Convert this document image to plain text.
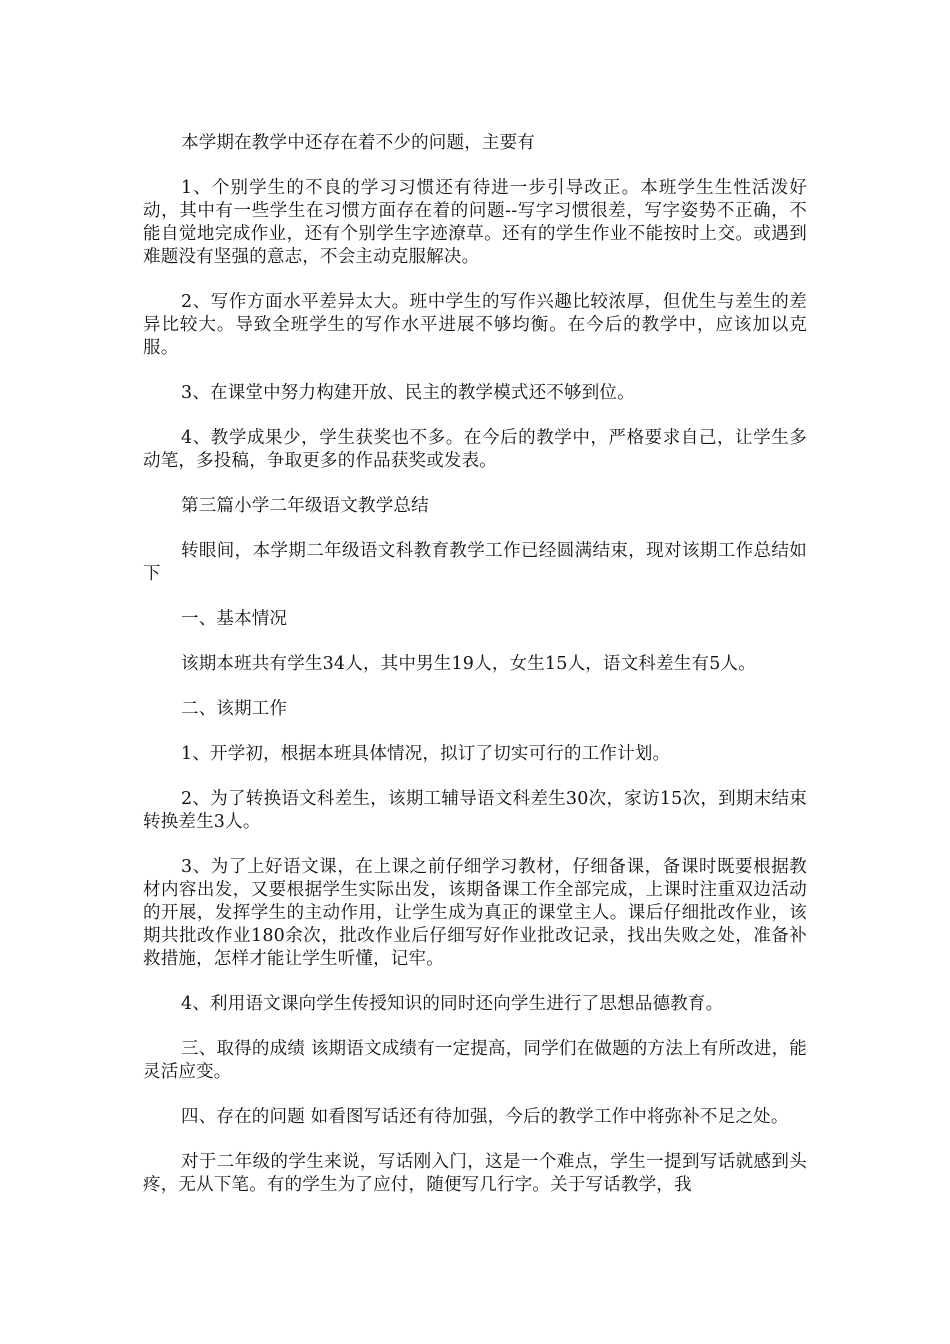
本学期在教学中还存在着不少的问题，主要有

1、个别学生的不良的学习习惯还有待进一步引导改正。本班学生生性活泼好动，其中有一些学生在习惯方面存在着的问题--写字习惯很差，写字姿势不正确，不能自觉地完成作业，还有个别学生字迹潦草。还有的学生作业不能按时上交。或遇到难题没有坚强的意志，不会主动克服解决。

2、写作方面水平差异太大。班中学生的写作兴趣比较浓厚，但优生与差生的差异比较大。导致全班学生的写作水平进展不够均衡。在今后的教学中，应该加以克服。

3、在课堂中努力构建开放、民主的教学模式还不够到位。

4、教学成果少，学生获奖也不多。在今后的教学中，严格要求自己，让学生多动笔，多投稿，争取更多的作品获奖或发表。

第三篇小学二年级语文教学总结

转眼间，本学期二年级语文科教育教学工作已经圆满结束，现对该期工作总结如下

一、基本情况

该期本班共有学生34人，其中男生19人，女生15人，语文科差生有5人。

二、该期工作

1、开学初，根据本班具体情况，拟订了切实可行的工作计划。

2、为了转换语文科差生，该期工辅导语文科差生30次，家访15次，到期末结束转换差生3人。

3、为了上好语文课，在上课之前仔细学习教材，仔细备课，备课时既要根据教材内容出发，又要根据学生实际出发，该期备课工作全部完成，上课时注重双边活动的开展，发挥学生的主动作用，让学生成为真正的课堂主人。课后仔细批改作业，该期共批改作业180余次，批改作业后仔细写好作业批改记录，找出失败之处，准备补救措施，怎样才能让学生听懂，记牢。

4、利用语文课向学生传授知识的同时还向学生进行了思想品德教育。

三、取得的成绩 该期语文成绩有一定提高，同学们在做题的方法上有所改进，能灵活应变。

四、存在的问题 如看图写话还有待加强，今后的教学工作中将弥补不足之处。

对于二年级的学生来说，写话刚入门，这是一个难点，学生一提到写话就感到头疼，无从下笔。有的学生为了应付，随便写几行字。关于写话教学，我
